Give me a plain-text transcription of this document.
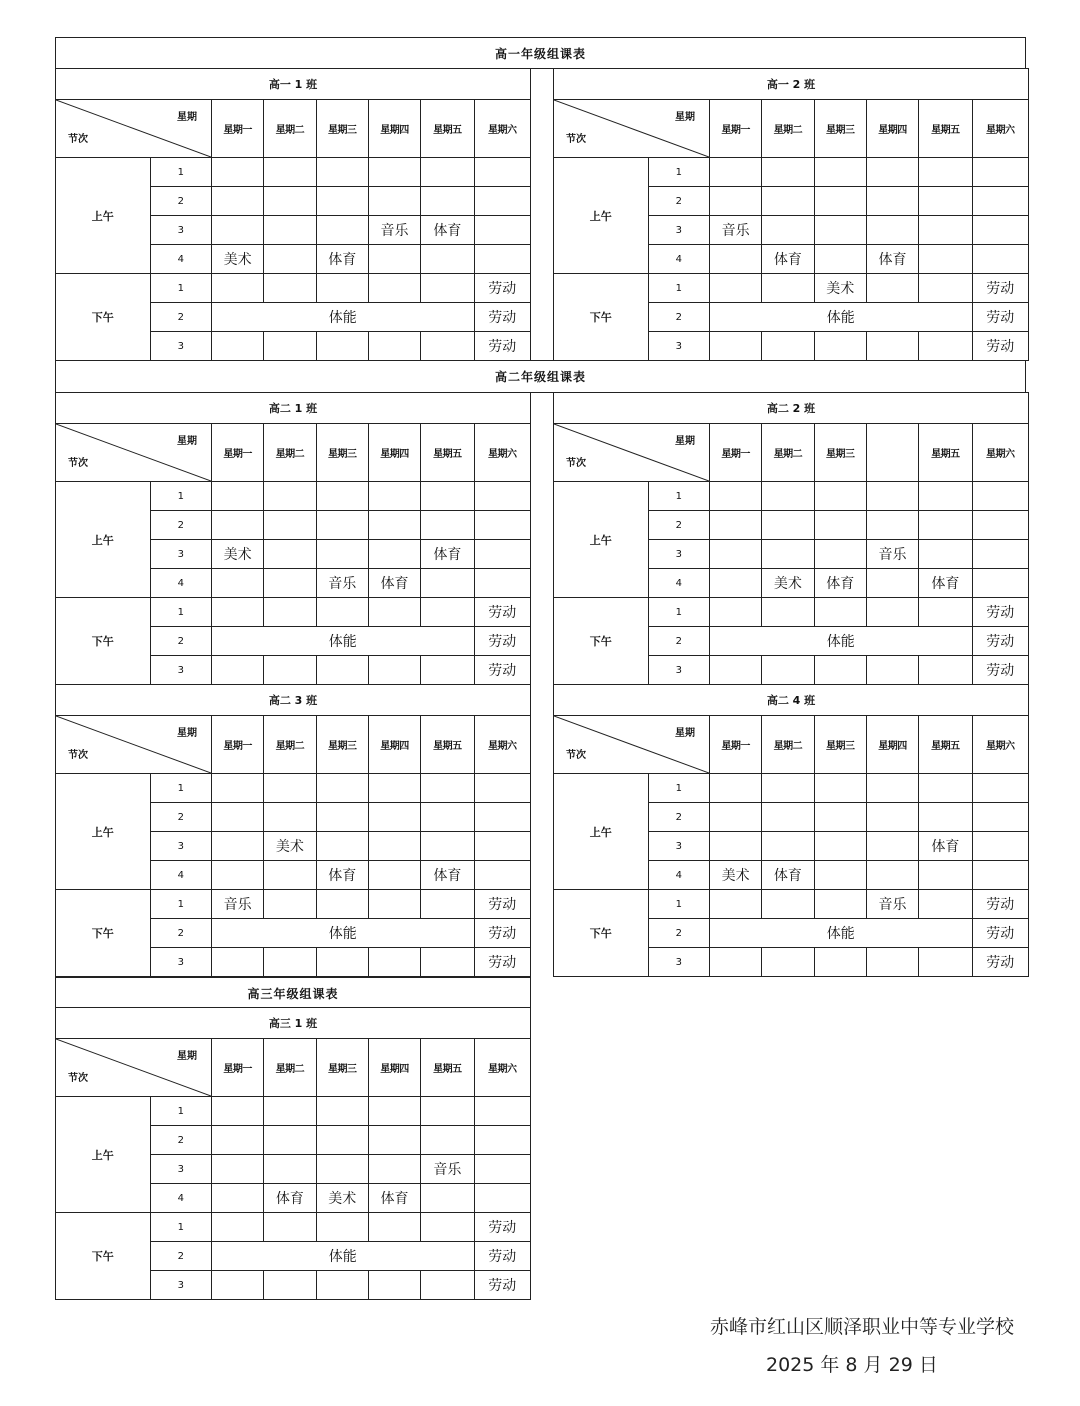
高一年级组课表
高二年级组课表
高三年级组课表
高一 1 班							

星期
节次		星期一	星期二	星期三	星期四	星期五	星期六
上午	1						
	2						
	3				音乐	体育	
	4	美术		体育			
下午	1						劳动
	2	体能					劳动
	3						劳动
高一 2 班							

星期
节次		星期一	星期二	星期三	星期四	星期五	星期六
上午	1						
	2						
	3	音乐					
	4		体育		体育		
下午	1			美术			劳动
	2	体能					劳动
	3						劳动
高二 1 班							

星期
节次		星期一	星期二	星期三	星期四	星期五	星期六
上午	1						
	2						
	3	美术				体育	
	4			音乐	体育		
下午	1						劳动
	2	体能					劳动
	3						劳动
高二 2 班							

星期
节次		星期一	星期二	星期三		星期五	星期六
上午	1						
	2						
	3				音乐		
	4		美术	体育		体育	
下午	1						劳动
	2	体能					劳动
	3						劳动
高二 3 班							

星期
节次		星期一	星期二	星期三	星期四	星期五	星期六
上午	1						
	2						
	3		美术				
	4			体育		体育	
下午	1	音乐					劳动
	2	体能					劳动
	3						劳动
高二 4 班							

星期
节次		星期一	星期二	星期三	星期四	星期五	星期六
上午	1						
	2						
	3					体育	
	4	美术	体育				
下午	1				音乐		劳动
	2	体能					劳动
	3						劳动
高三 1 班							

星期
节次		星期一	星期二	星期三	星期四	星期五	星期六
上午	1						
	2						
	3					音乐	
	4		体育	美术	体育		
下午	1						劳动
	2	体能					劳动
	3						劳动
赤峰市红山区顺泽职业中等专业学校
2025 年 8 月 29 日
